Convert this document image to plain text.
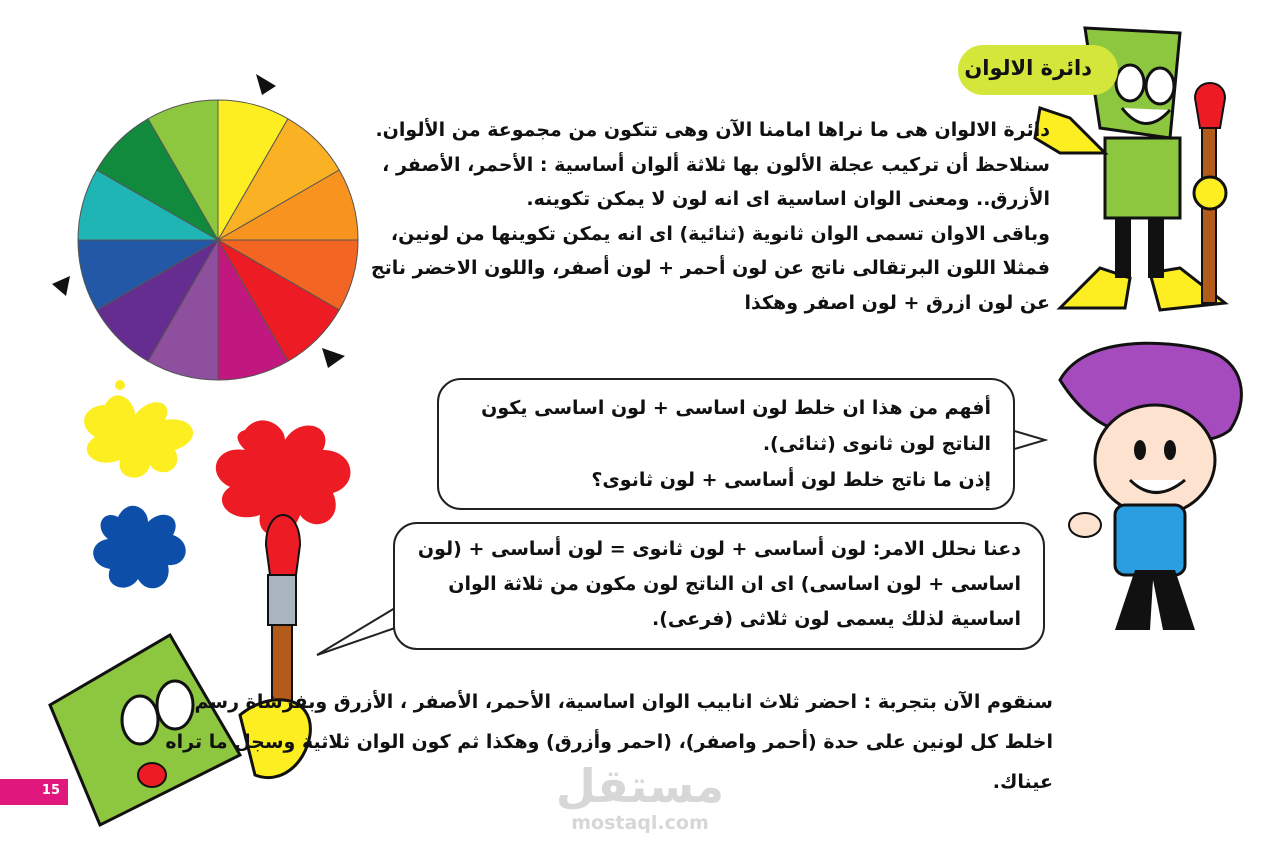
دائرة الالوان
دائرة الالوان هى ما نراها امامنا الآن وهى تتكون من مجموعة من الألوان.
سنلاحظ أن تركيب عجلة الألون بها ثلاثة ألوان أساسية : الأحمر، الأصفر ،
الأزرق.. ومعنى الوان اساسية اى انه لون لا يمكن تكوينه.
وباقى الاوان تسمى الوان ثانوية (ثنائية) اى انه يمكن تكوينها من لونين،
فمثلا اللون البرتقالى ناتج عن لون أحمر + لون أصفر، واللون الاخضر ناتج
عن لون ازرق + لون اصفر وهكذا
أفهم من هذا ان خلط لون اساسى + لون اساسى يكون
الناتج لون ثانوى (ثنائى).
إذن ما ناتج خلط لون أساسى + لون ثانوى؟
دعنا نحلل الامر: لون أساسى + لون ثانوى = لون أساسى + (لون
اساسى + لون اساسى) اى ان الناتج لون مكون من ثلاثة الوان
اساسية لذلك يسمى لون ثلاثى (فرعى).
سنقوم الآن بتجربة : احضر ثلاث انابيب الوان اساسية، الأحمر، الأصفر ، الأزرق وبفرشاة رسم
اخلط كل لونين على حدة (أحمر واصفر)، (احمر وأزرق) وهكذا ثم كون الوان ثلاثية وسجل ما تراه
عيناك.
15	مستقل
mostaql.com
